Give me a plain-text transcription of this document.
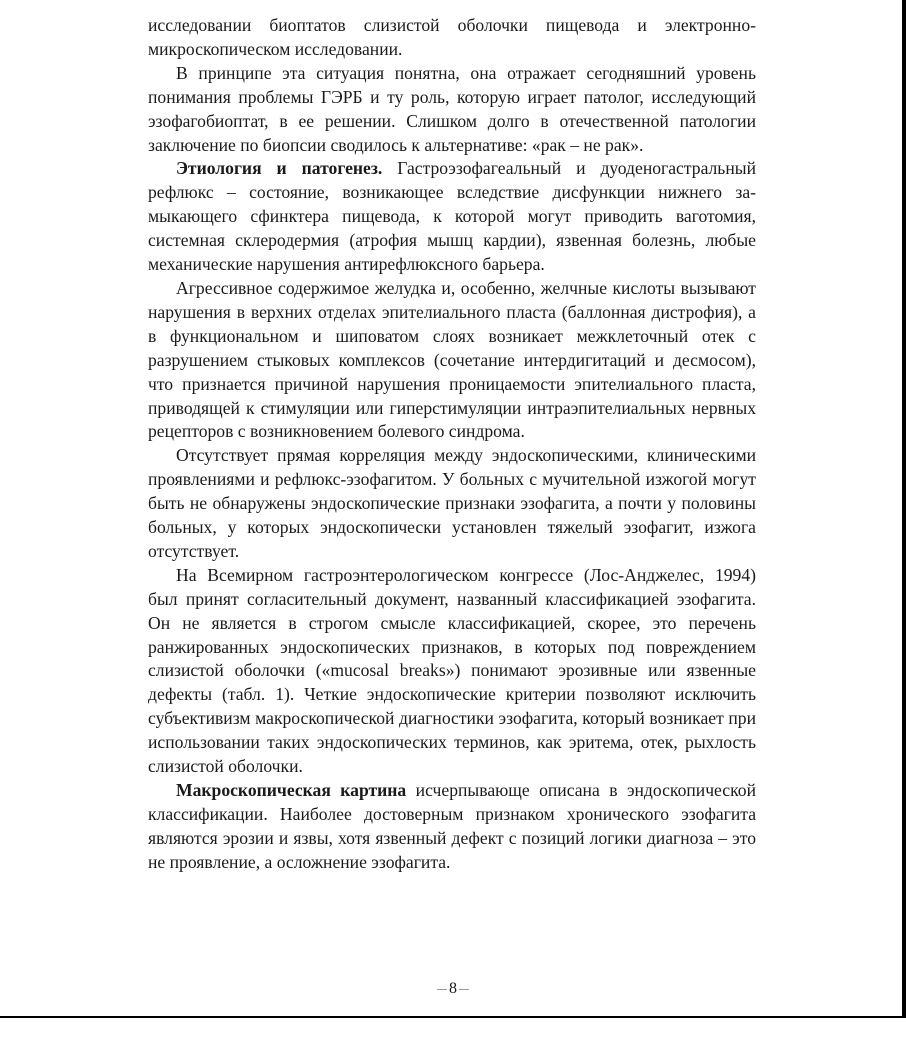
исследовании биоптатов слизистой оболочки пищевода и электронномикроскопическом исследовании.

В принципе эта ситуация понятна, она отражает сегодняшний уровень понимания проблемы ГЭРБ и ту роль, которую играет патолог, исследующий эзофагобиоптат, в ее решении. Слишком долго в отечественной патологии заключение по биопсии сводилось к альтернативе: «рак – не рак».

Этиология и патогенез. Гастроэзофагеальный и дуоденогастральный рефлюкс – состояние, возникающее вследствие дисфункции нижнего замыкающего сфинктера пищевода, к которой могут приводить ваготомия, системная склеродермия (атрофия мышц кардии), язвенная болезнь, любые механические нарушения антирефлюксного барьера.

Агрессивное содержимое желудка и, особенно, желчные кислоты вызывают нарушения в верхних отделах эпителиального пласта (баллонная дистрофия), а в функциональном и шиповатом слоях возникает межклеточный отек с разрушением стыковых комплексов (сочетание интердигитаций и десмосом), что признается причиной нарушения проницаемости эпителиального пласта, приводящей к стимуляции или гиперстимуляции интраэпителиальных нервных рецепторов с возникновением болевого синдрома.

Отсутствует прямая корреляция между эндоскопическими, клиническими проявлениями и рефлюкс-эзофагитом. У больных с мучительной изжогой могут быть не обнаружены эндоскопические признаки эзофагита, а почти у половины больных, у которых эндоскопически установлен тяжелый эзофагит, изжога отсутствует.

На Всемирном гастроэнтерологическом конгрессе (Лос-Анджелес, 1994) был принят согласительный документ, названный классификацией эзофагита. Он не является в строгом смысле классификацией, скорее, это перечень ранжированных эндоскопических признаков, в которых под повреждением слизистой оболочки («mucosal breaks») понимают эрозивные или язвенные дефекты (табл. 1). Четкие эндоскопические критерии позволяют исключить субъективизм макроскопической диагностики эзофагита, который возникает при использовании таких эндоскопических терминов, как эритема, отек, рыхлость слизистой оболочки.

Макроскопическая картина исчерпывающе описана в эндоскопической классификации. Наиболее достоверным признаком хронического эзофагита являются эрозии и язвы, хотя язвенный дефект с позиций логики диагноза – это не проявление, а осложнение эзофагита.

8
